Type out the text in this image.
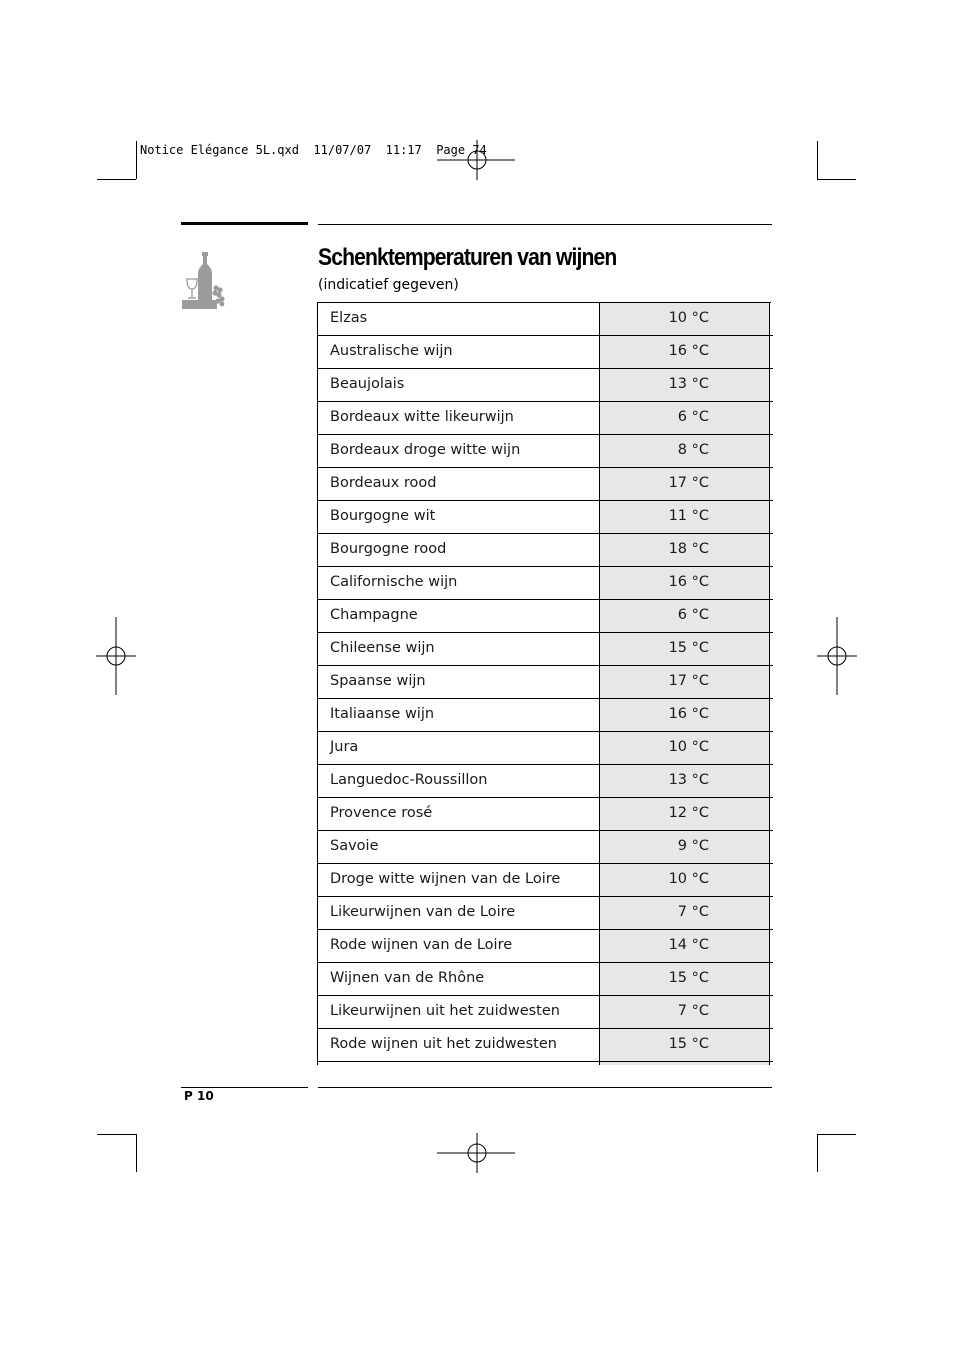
Notice Elégance 5L.qxd  11/07/07  11:17  Page 74
Schenktemperaturen van wijnen
(indicatief gegeven)
Elzas	10 °C
Australische wijn	16 °C
Beaujolais	13 °C
Bordeaux witte likeurwijn	6 °C
Bordeaux droge witte wijn	8 °C
Bordeaux rood	17 °C
Bourgogne wit	11 °C
Bourgogne rood	18 °C
Californische wijn	16 °C
Champagne	6 °C
Chileense wijn	15 °C
Spaanse wijn	17 °C
Italiaanse wijn	16 °C
Jura	10 °C
Languedoc-Roussillon	13 °C
Provence rosé	12 °C
Savoie	9 °C
Droge witte wijnen van de Loire	10 °C
Likeurwijnen van de Loire	7 °C
Rode wijnen van de Loire	14 °C
Wijnen van de Rhône	15 °C
Likeurwijnen uit het zuidwesten	7 °C
Rode wijnen uit het zuidwesten	15 °C
P 10
